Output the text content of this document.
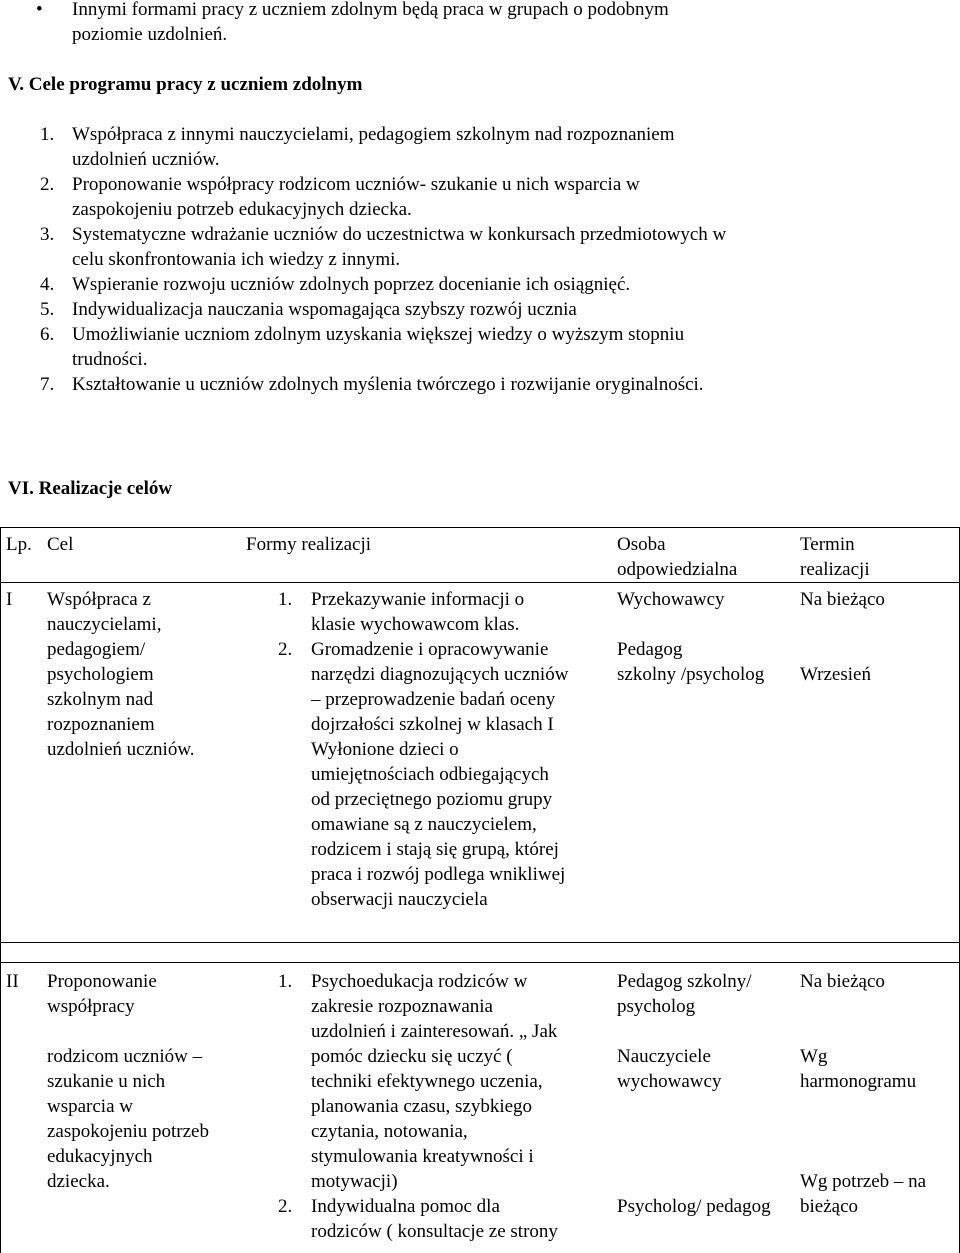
• Innymi formami pracy z uczniem zdolnym będą praca w grupach o podobnym
poziomie uzdolnień.
V. Cele programu pracy z uczniem zdolnym
1. Współpraca z innymi nauczycielami, pedagogiem szkolnym nad rozpoznaniem
uzdolnień uczniów.
2. Proponowanie współpracy rodzicom uczniów- szukanie u nich wsparcia w
zaspokojeniu potrzeb edukacyjnych dziecka.
3. Systematyczne wdrażanie uczniów do uczestnictwa w konkursach przedmiotowych w
celu skonfrontowania ich wiedzy z innymi.
4. Wspieranie rozwoju uczniów zdolnych poprzez docenianie ich osiągnięć.
5. Indywidualizacja nauczania wspomagająca szybszy rozwój ucznia
6. Umożliwianie uczniom zdolnym uzyskania większej wiedzy o wyższym stopniu
trudności.
7. Kształtowanie u uczniów zdolnych myślenia twórczego i rozwijanie oryginalności.
VI. Realizacje celów
Lp. Cel	Formy realizacji	Osoba
odpowiedzialna
Termin
realizacji
I Współpraca z
nauczycielami,
pedagogiem/
psychologiem
szkolnym nad
rozpoznaniem
uzdolnień uczniów.
1. Przekazywanie informacji o
klasie wychowawcom klas.
2. Gromadzenie i opracowywanie
narzędzi diagnozujących uczniów
– przeprowadzenie badań oceny
dojrzałości szkolnej w klasach I
Wyłonione dzieci o
umiejętnościach odbiegających
od przeciętnego poziomu grupy
omawiane są z nauczycielem,
rodzicem i stają się grupą, której
praca i rozwój podlega wnikliwej
obserwacji nauczyciela
Wychowawcy

Pedagog
szkolny /psycholog
Na bieżąco

Wrzesień
II Proponowanie
współpracy

rodzicom uczniów –
szukanie u nich
wsparcia w
zaspokojeniu potrzeb
edukacyjnych
dziecka.
1. Psychoedukacja rodziców w
zakresie rozpoznawania
uzdolnień i zainteresowań. „ Jak
pomóc dziecku się uczyć (
techniki efektywnego uczenia,
planowania czasu, szybkiego
czytania, notowania,
stymulowania kreatywności i
motywacji)
2. Indywidualna pomoc dla
rodziców ( konsultacje ze strony
Pedagog szkolny/
psycholog

Nauczyciele
wychowawcy

Psycholog/ pedagog
Na bieżąco

Wg
harmonogramu

Wg potrzeb – na
bieżąco
